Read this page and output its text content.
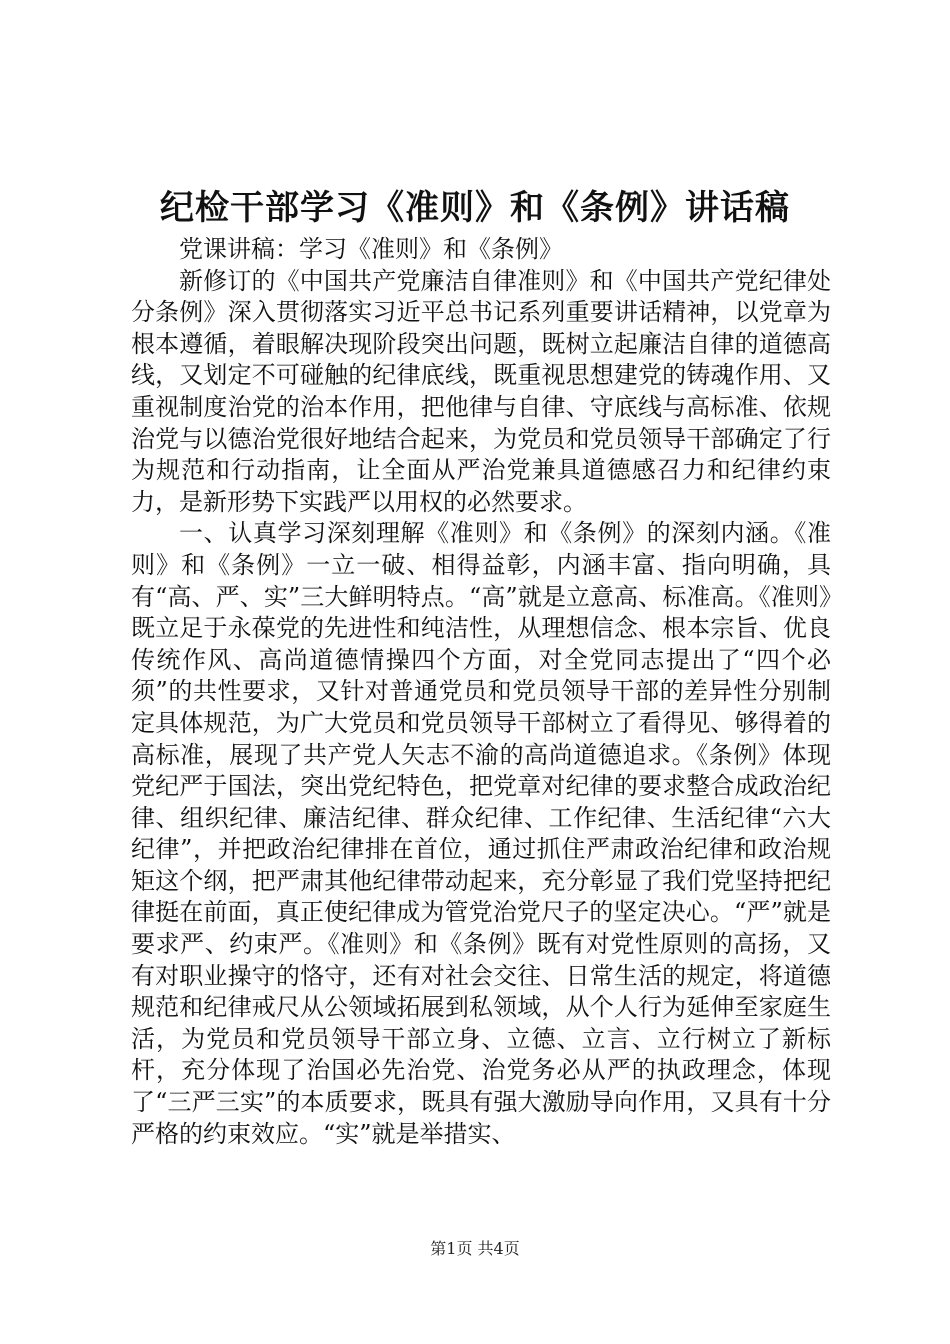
纪检干部学习《准则》和《条例》讲话稿

党课讲稿：学习《准则》和《条例》

新修订的《中国共产党廉洁自律准则》和《中国共产党纪律处分条例》深入贯彻落实习近平总书记系列重要讲话精神，以党章为根本遵循，着眼解决现阶段突出问题，既树立起廉洁自律的道德高线，又划定不可碰触的纪律底线，既重视思想建党的铸魂作用、又重视制度治党的治本作用，把他律与自律、守底线与高标准、依规治党与以德治党很好地结合起来，为党员和党员领导干部确定了行为规范和行动指南，让全面从严治党兼具道德感召力和纪律约束力，是新形势下实践严以用权的必然要求。

一、认真学习深刻理解《准则》和《条例》的深刻内涵。《准则》和《条例》一立一破、相得益彰，内涵丰富、指向明确，具有“高、严、实”三大鲜明特点。“高”就是立意高、标准高。《准则》既立足于永葆党的先进性和纯洁性，从理想信念、根本宗旨、优良传统作风、高尚道德情操四个方面，对全党同志提出了“四个必须”的共性要求，又针对普通党员和党员领导干部的差异性分别制定具体规范，为广大党员和党员领导干部树立了看得见、够得着的高标准，展现了共产党人矢志不渝的高尚道德追求。《条例》体现党纪严于国法，突出党纪特色，把党章对纪律的要求整合成政治纪律、组织纪律、廉洁纪律、群众纪律、工作纪律、生活纪律“六大纪律”，并把政治纪律排在首位，通过抓住严肃政治纪律和政治规矩这个纲，把严肃其他纪律带动起来，充分彰显了我们党坚持把纪律挺在前面，真正使纪律成为管党治党尺子的坚定决心。“严”就是要求严、约束严。《准则》和《条例》既有对党性原则的高扬，又有对职业操守的恪守，还有对社会交往、日常生活的规定，将道德规范和纪律戒尺从公领域拓展到私领域，从个人行为延伸至家庭生活，为党员和党员领导干部立身、立德、立言、立行树立了新标杆，充分体现了治国必先治党、治党务必从严的执政理念，体现了“三严三实”的本质要求，既具有强大激励导向作用，又具有十分严格的约束效应。“实”就是举措实、

第1页 共4页
